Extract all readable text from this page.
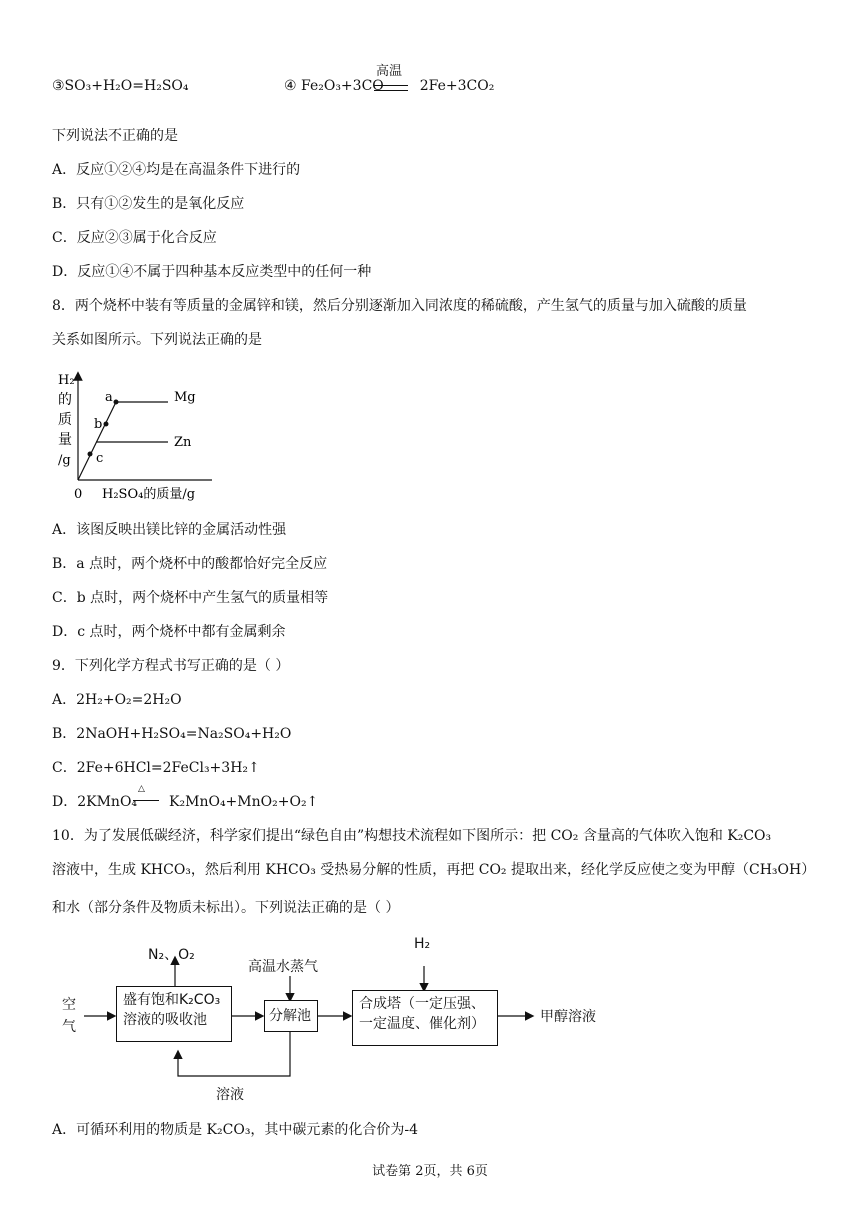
③SO₃+H₂O=H₂SO₄	④ Fe₂O₃+3CO	2Fe+3CO₂
高温
下列说法不正确的是
A．反应①②④均是在高温条件下进行的
B．只有①②发生的是氧化反应
C．反应②③属于化合反应
D．反应①④不属于四种基本反应类型中的任何一种
8．两个烧杯中装有等质量的金属锌和镁，然后分别逐渐加入同浓度的稀硫酸，产生氢气的质量与加入硫酸的质量
关系如图所示。下列说法正确的是
a
b
c
Mg
Zn
0 H₂SO₄的质量/g
H₂
的
质
量
/g
A．该图反映出镁比锌的金属活动性强
B．a 点时，两个烧杯中的酸都恰好完全反应
C．b 点时，两个烧杯中产生氢气的质量相等
D．c 点时，两个烧杯中都有金属剩余
9．下列化学方程式书写正确的是（ ）
A．2H₂+O₂=2H₂O
B．2NaOH+H₂SO₄=Na₂SO₄+H₂O
C．2Fe+6HCl=2FeCl₃+3H₂↑
D．2KMnO₄ K₂MnO₄+MnO₂+O₂↑
△
10．为了发展低碳经济，科学家们提出“绿色自由”构想技术流程如下图所示：把 CO₂ 含量高的气体吹入饱和 K₂CO₃
溶液中，生成 KHCO₃，然后利用 KHCO₃ 受热易分解的性质，再把 CO₂ 提取出来，经化学反应使之变为甲醇（CH₃OH）
和水（部分条件及物质未标出）。下列说法正确的是（ ）
空
气
盛有饱和K₂CO₃
溶液的吸收池
N₂、O₂
高温水蒸气
分解池
溶液
H₂
合成塔（一定压强、
一定温度、催化剂）	甲醇溶液
A．可循环利用的物质是 K₂CO₃，其中碳元素的化合价为-4
试卷第 2页，共 6页
